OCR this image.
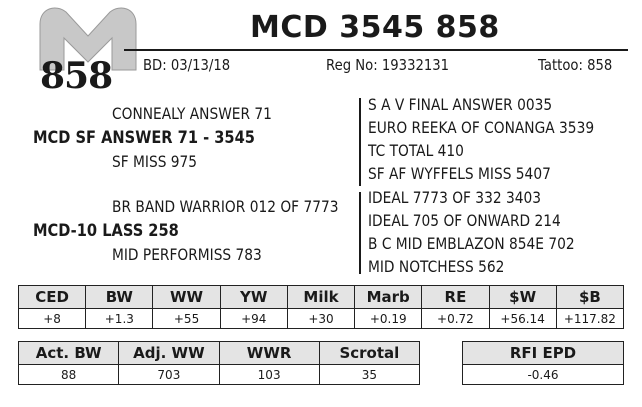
858
MCD 3545 858
BD: 03/13/18	Reg No: 19332131	Tattoo: 858
CONNEALY ANSWER 71
MCD SF ANSWER 71 - 3545
SF MISS 975
BR BAND WARRIOR 012 OF 7773
MCD-10 LASS 258
MID PERFORMISS 783
S A V FINAL ANSWER 0035
EURO REEKA OF CONANGA 3539
TC TOTAL 410
SF AF WYFFELS MISS 5407
IDEAL 7773 OF 332 3403
IDEAL 705 OF ONWARD 214
B C MID EMBLAZON 854E 702
MID NOTCHESS 562
CED	BW	WW	YW	Milk	Marb	RE	$W	$B
+8	+1.3	+55	+94	+30	+0.19	+0.72	+56.14	+117.82
Act. BW	Adj. WW	WWR	Scrotal
88	703	103	35
RFI EPD
-0.46
